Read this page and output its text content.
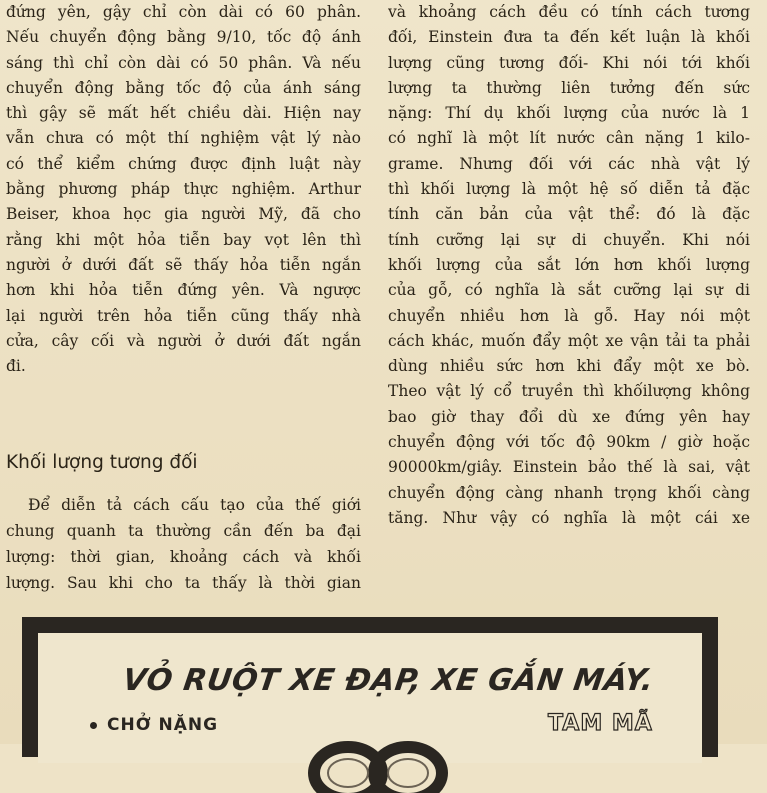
đứng yên, gậy chỉ còn dài có 60 phân.
Nếu chuyển động bằng 9/10, tốc độ ánh
sáng thì chỉ còn dài có 50 phân. Và nếu
chuyển động bằng tốc độ của ánh sáng
thì gậy sẽ mất hết chiều dài. Hiện nay
vẫn chưa có một thí nghiệm vật lý nào
có thể kiểm chứng được định luật này
bằng phương pháp thực nghiệm. Arthur
Beiser, khoa học gia người Mỹ, đã cho
rằng khi một hỏa tiễn bay vọt lên thì
người ở dưới đất sẽ thấy hỏa tiễn ngắn
hơn khi hỏa tiễn đứng yên. Và ngược
lại người trên hỏa tiễn cũng thấy nhà
cửa, cây cối và người ở dưới đất ngắn
đi.
Khối lượng tương đối
Để diễn tả cách cấu tạo của thế giới
chung quanh ta thường cần đến ba đại
lượng: thời gian, khoảng cách và khối
lượng. Sau khi cho ta thấy là thời gian
và khoảng cách đều có tính cách tương
đối, Einstein đưa ta đến kết luận là khối
lượng cũng tương đối- Khi nói tới khối
lượng ta thường liên tưởng đến sức
nặng: Thí dụ khối lượng của nước là 1
có nghĩ là một lít nước cân nặng 1 kilo-
grame. Nhưng đối với các nhà vật lý
thì khối lượng là một hệ số diễn tả đặc
tính căn bản của vật thể: đó là đặc
tính cưỡng lại sự di chuyển. Khi nói
khối lượng của sắt lớn hơn khối lượng
của gỗ, có nghĩa là sắt cưỡng lại sự di
chuyển nhiều hơn là gỗ. Hay nói một
cách khác, muốn đẩy một xe vận tải ta phải
dùng nhiều sức hơn khi đẩy một xe bò.
Theo vật lý cổ truyền thì khốilượng không
bao giờ thay đổi dù xe đứng yên hay
chuyển động với tốc độ 90km / giờ hoặc
90000km/giây. Einstein bảo thế là sai, vật
chuyển động càng nhanh trọng khối càng
tăng. Như vậy có nghĩa là một cái xe
VỎ RUỘT XE ĐẠP, XE GẮN MÁY.
CHỞ NẶNG	TAM MÃ
